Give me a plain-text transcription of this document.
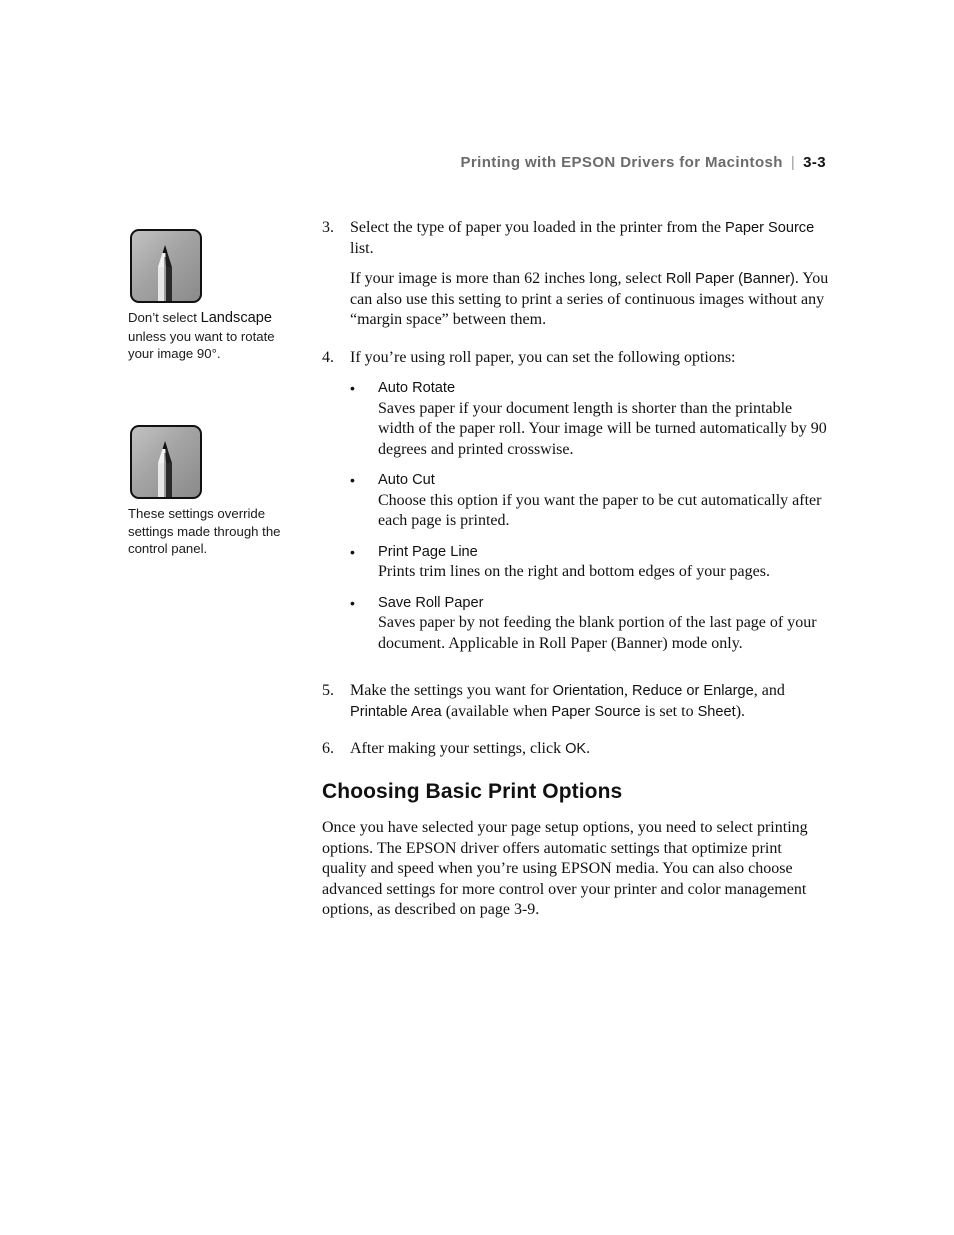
Printing with EPSON Drivers for Macintosh | 3-3
Don’t select Landscape unless you want to rotate your image 90°.
These settings override settings made through the control panel.
3.	Select the type of paper you loaded in the printer from the Paper Source list.

If your image is more than 62 inches long, select Roll Paper (Banner). You can also use this setting to print a series of continuous images without any “margin space” between them.

4.	If you’re using roll paper, you can set the following options:

•	Auto Rotate
Saves paper if your document length is shorter than the printable width of the paper roll. Your image will be turned automatically by 90 degrees and printed crosswise.
•	Auto Cut
Choose this option if you want the paper to be cut automatically after each page is printed.
•	Print Page Line
Prints trim lines on the right and bottom edges of your pages.
•	Save Roll Paper
Saves paper by not feeding the blank portion of the last page of your document. Applicable in Roll Paper (Banner) mode only.
5.	Make the settings you want for Orientation, Reduce or Enlarge, and Printable Area (available when Paper Source is set to Sheet).

6.	After making your settings, click OK.

Choosing Basic Print Options

Once you have selected your page setup options, you need to select printing options. The EPSON driver offers automatic settings that optimize print quality and speed when you’re using EPSON media. You can also choose advanced settings for more control over your printer and color management options, as described on page 3-9.
